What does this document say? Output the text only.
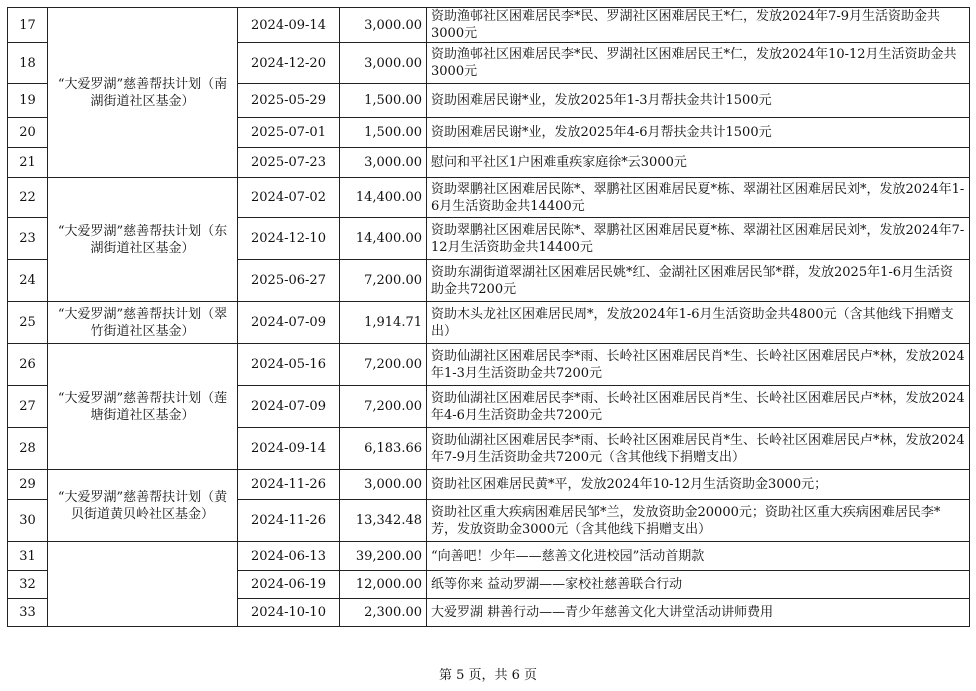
17	“大爱罗湖”慈善帮扶计划（南湖街道社区基金）	2024-09-14	3,000.00	资助渔邨社区困难居民李*民、罗湖社区困难居民王*仁，发放2024年7-9月生活资助金共3000元
18		2024-12-20	3,000.00	资助渔邨社区困难居民李*民、罗湖社区困难居民王*仁，发放2024年10-12月生活资助金共3000元
19		2025-05-29	1,500.00	资助困难居民谢*业，发放2025年1-3月帮扶金共计1500元
20		2025-07-01	1,500.00	资助困难居民谢*业，发放2025年4-6月帮扶金共计1500元
21		2025-07-23	3,000.00	慰问和平社区1户困难重疾家庭徐*云3000元
22	“大爱罗湖”慈善帮扶计划（东湖街道社区基金）	2024-07-02	14,400.00	资助翠鹏社区困难居民陈*、翠鹏社区困难居民夏*栋、翠湖社区困难居民刘*，发放2024年1-6月生活资助金共14400元
23		2024-12-10	14,400.00	资助翠鹏社区困难居民陈*、翠鹏社区困难居民夏*栋、翠湖社区困难居民刘*，发放2024年7-12月生活资助金共14400元
24		2025-06-27	7,200.00	资助东湖街道翠湖社区困难居民姚*红、金湖社区困难居民邹*群，发放2025年1-6月生活资助金共7200元
25	“大爱罗湖”慈善帮扶计划（翠竹街道社区基金）	2024-07-09	1,914.71	资助木头龙社区困难居民周*，发放2024年1-6月生活资助金共4800元（含其他线下捐赠支出）
26	“大爱罗湖”慈善帮扶计划（莲塘街道社区基金）	2024-05-16	7,200.00	资助仙湖社区困难居民李*雨、长岭社区困难居民肖*生、长岭社区困难居民卢*林，发放2024年1-3月生活资助金共7200元
27		2024-07-09	7,200.00	资助仙湖社区困难居民李*雨、长岭社区困难居民肖*生、长岭社区困难居民卢*林，发放2024年4-6月生活资助金共7200元
28		2024-09-14	6,183.66	资助仙湖社区困难居民李*雨、长岭社区困难居民肖*生、长岭社区困难居民卢*林，发放2024年7-9月生活资助金共7200元（含其他线下捐赠支出）
29	“大爱罗湖”慈善帮扶计划（黄贝街道黄贝岭社区基金）	2024-11-26	3,000.00	资助社区困难居民黄*平，发放2024年10-12月生活资助金3000元；
30		2024-11-26	13,342.48	资助社区重大疾病困难居民邹*兰，发放资助金20000元；资助社区重大疾病困难居民李*芳，发放资助金3000元（含其他线下捐赠支出）
31		2024-06-13	39,200.00	“向善吧！少年——慈善文化进校园”活动首期款
32		2024-06-19	12,000.00	纸等你来 益动罗湖——家校社慈善联合行动
33		2024-10-10	2,300.00	大爱罗湖 耕善行动——青少年慈善文化大讲堂活动讲师费用
第 5 页，共 6 页
